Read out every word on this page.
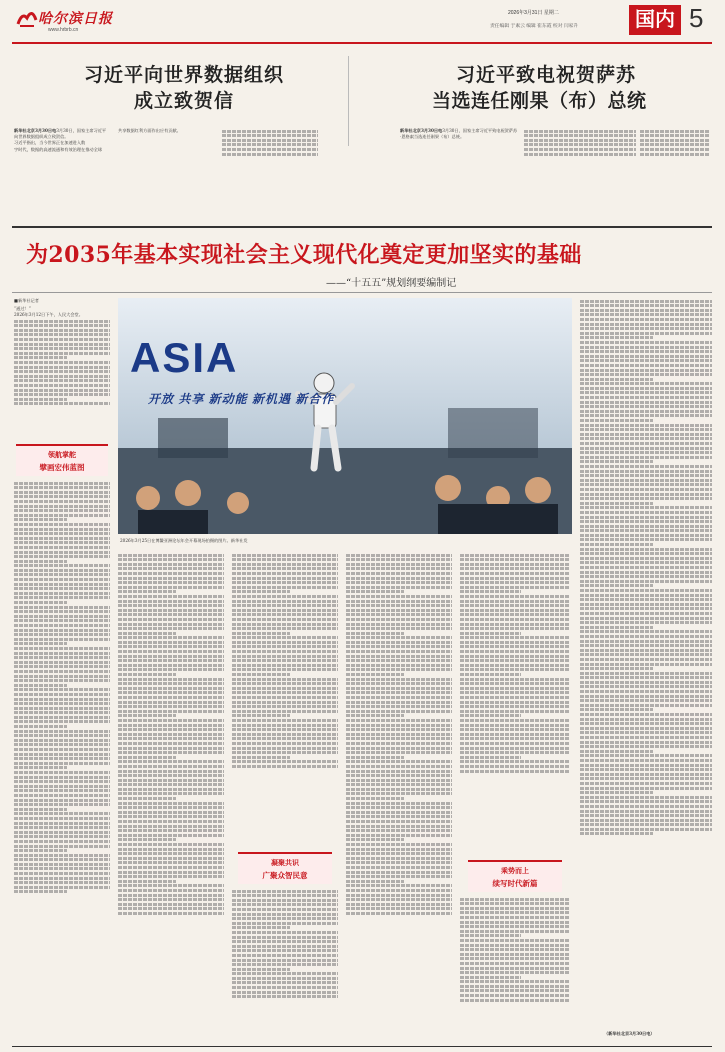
哈尔滨日报
www.hrbrb.cn
2026年3月31日 星期二
责任编辑 于素云 编辑 崔东霞 校对 闫家升	国内 5
习近平向世界数据组织
成立致贺信
新华社北京3月30日电3月30日，国家主席习近平向世界数据组织成立致贺信。
习近平指出，当今世界正在加速进入数
字时代，数据的高速流通和有效治理在推动全球
共享数据红利方面作出应有贡献。
习近平致电祝贺萨苏
当选连任刚果（布）总统
新华社北京3月30日电3月30日，国家主席习近平致电祝贺萨苏·恩格索当选连任刚果（布）总统。
为2035年基本实现社会主义现代化奠定更加坚实的基础
——“十五五”规划纲要编制记
■新华社记者
“通过！”
2026年3月12日下午，人民大会堂。
领航掌舵
擘画宏伟蓝图
ASIA
开放 共享 新动能 新机遇 新合作
2026年3月25日在博鳌亚洲论坛年会开幕现场拍摄的图片。新华社发
凝聚共识
广聚众智民意	乘势而上
续写时代新篇
（新华社北京3月30日电）
